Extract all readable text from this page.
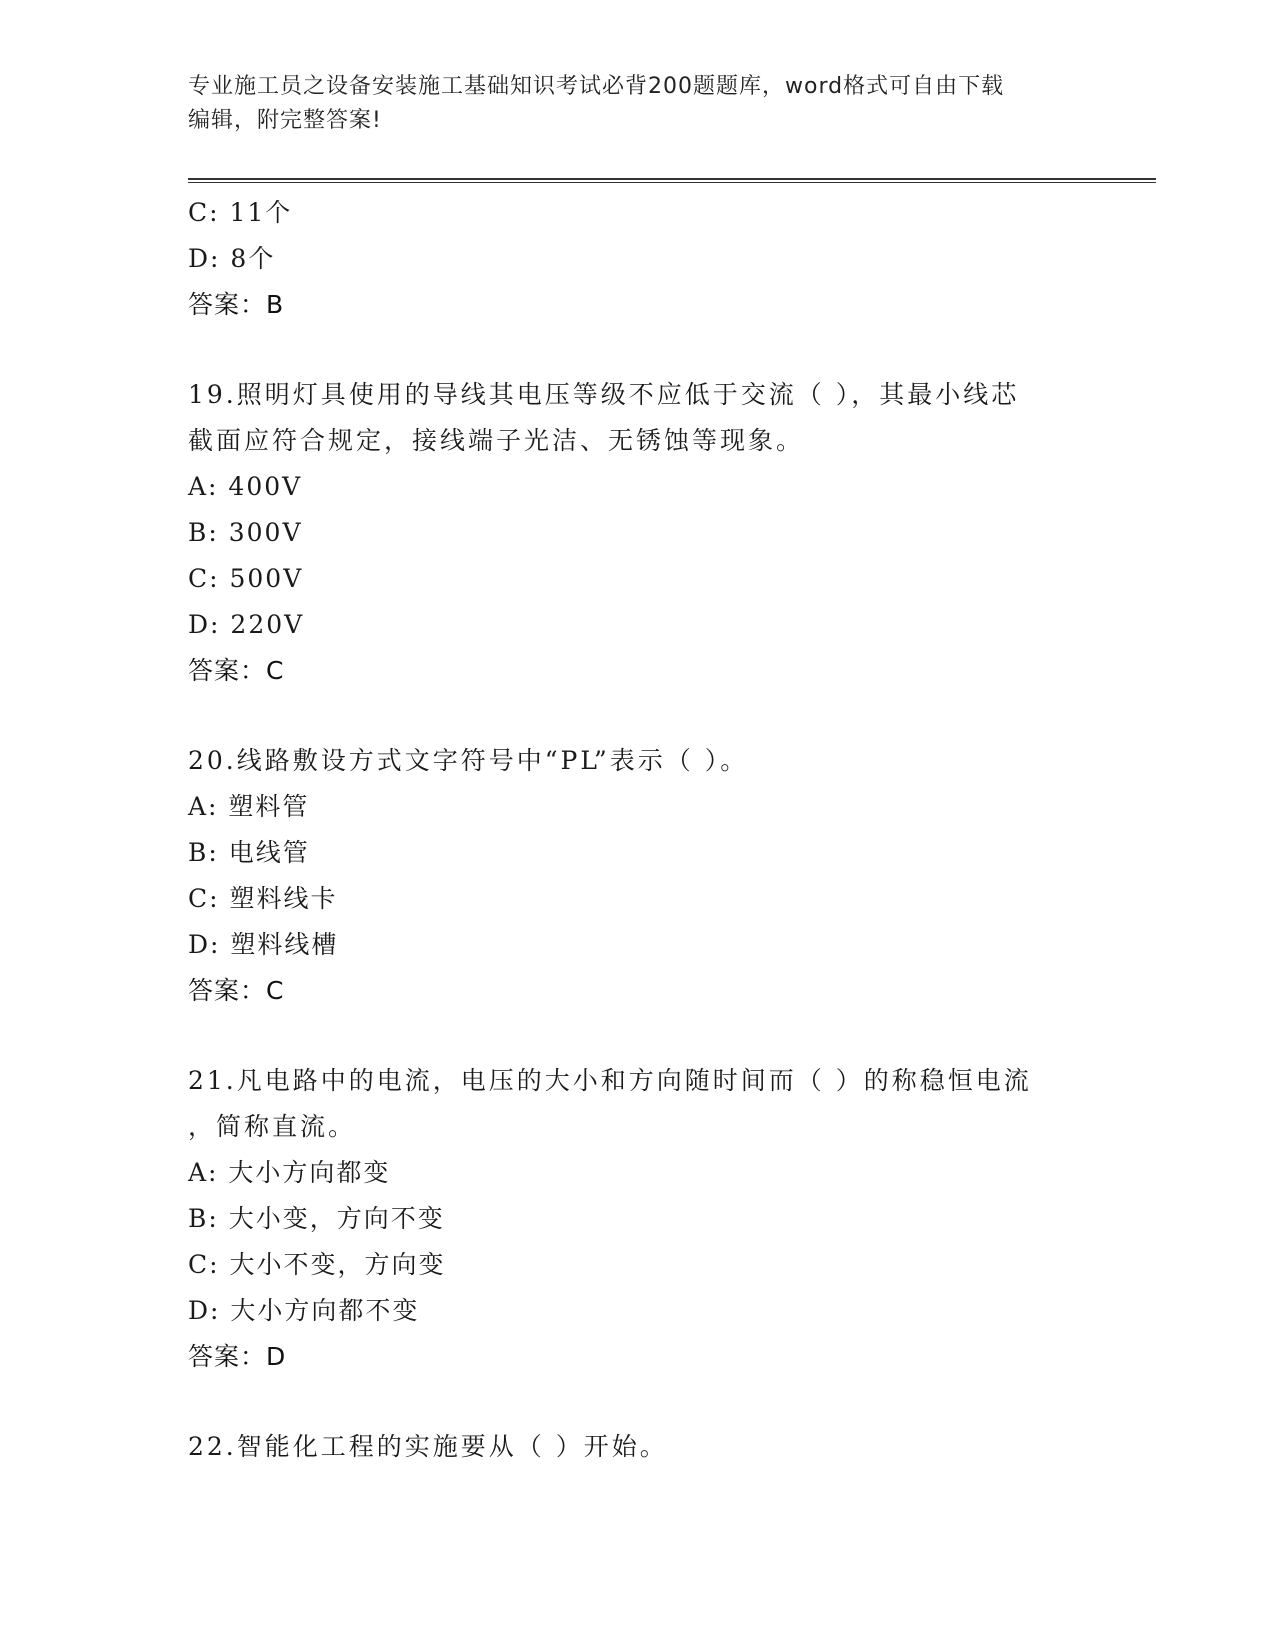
专业施工员之设备安装施工基础知识考试必背200题题库，word格式可自由下载
编辑，附完整答案!
C: 11个
D: 8个
答案：B
19.照明灯具使用的导线其电压等级不应低于交流（ ），其最小线芯
截面应符合规定，接线端子光洁、无锈蚀等现象。
A: 400V
B: 300V
C: 500V
D: 220V
答案：C
20.线路敷设方式文字符号中“PL”表示（ ）。
A: 塑料管
B: 电线管
C: 塑料线卡
D: 塑料线槽
答案：C
21.凡电路中的电流，电压的大小和方向随时间而（ ）的称稳恒电流
，简称直流。
A: 大小方向都变
B: 大小变，方向不变
C: 大小不变，方向变
D: 大小方向都不变
答案：D
22.智能化工程的实施要从（ ）开始。
